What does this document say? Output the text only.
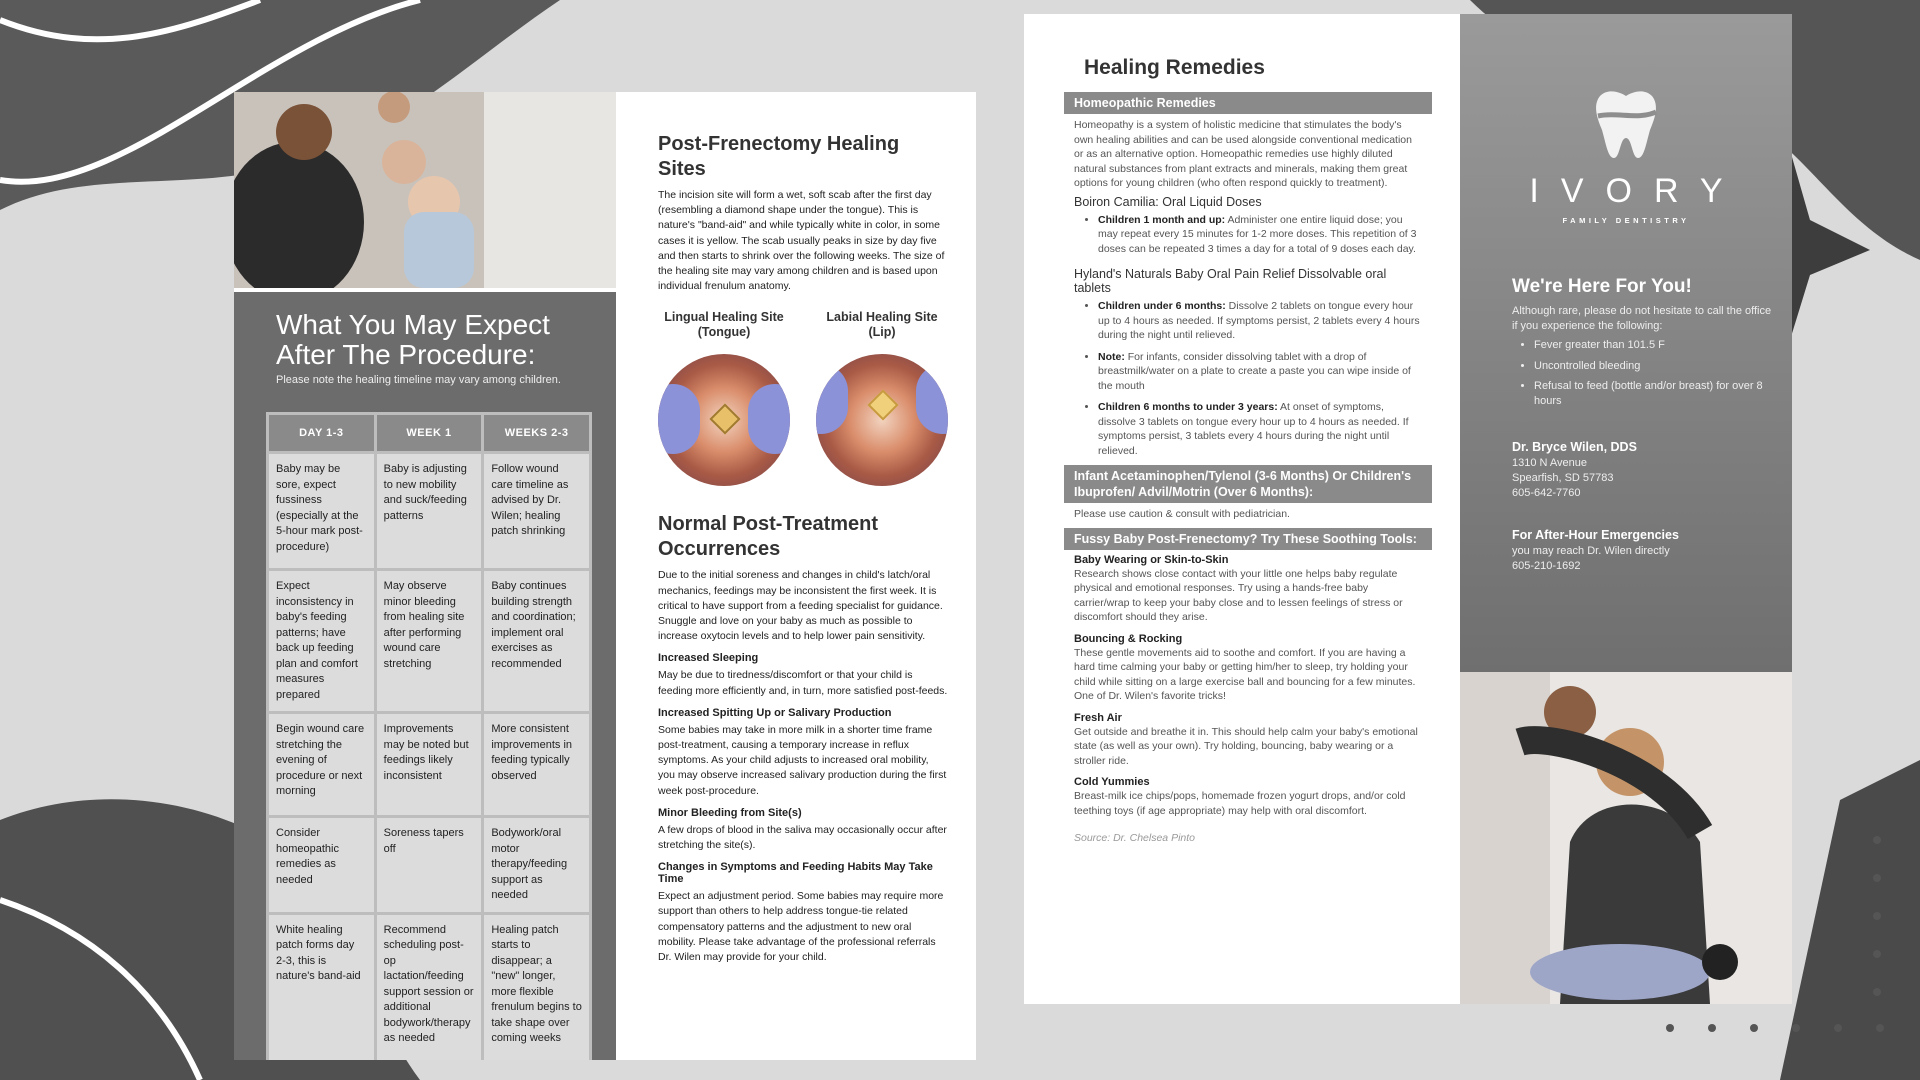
What You May Expect After The Procedure:
Please note the healing timeline may vary among children.
DAY 1-3	WEEK 1	WEEKS 2-3
Baby may be sore, expect fussiness (especially at the 5-hour mark post-procedure)	Baby is adjusting to new mobility and suck/feeding patterns	Follow wound care timeline as advised by Dr. Wilen; healing patch shrinking
Expect inconsistency in baby's feeding patterns; have back up feeding plan and comfort measures prepared	May observe minor bleeding from healing site after performing wound care stretching	Baby continues building strength and coordination; implement oral exercises as recommended
Begin wound care stretching the evening of procedure or next morning	Improvements may be noted but feedings likely inconsistent	More consistent improvements in feeding typically observed
Consider homeopathic remedies as needed	Soreness tapers off	Bodywork/oral motor therapy/feeding support as needed
White healing patch forms day 2-3, this is nature's band-aid	Recommend scheduling post-op lactation/feeding support session or additional bodywork/therapy as needed	Healing patch starts to disappear; a "new" longer, more flexible frenulum begins to take shape over coming weeks
Post-Frenectomy Healing Sites

The incision site will form a wet, soft scab after the first day (resembling a diamond shape under the tongue). This is nature's "band-aid" and while typically white in color, in some cases it is yellow. The scab usually peaks in size by day five and then starts to shrink over the following weeks. The size of the healing site may vary among children and is based upon individual frenulum anatomy.

Lingual Healing Site (Tongue)
Labial Healing Site (Lip)
Normal Post-Treatment Occurrences

Due to the initial soreness and changes in child's latch/oral mechanics, feedings may be inconsistent the first week. It is critical to have support from a feeding specialist for guidance. Snuggle and love on your baby as much as possible to increase oxytocin levels and to help lower pain sensitivity.

Increased Sleeping

May be due to tiredness/discomfort or that your child is feeding more efficiently and, in turn, more satisfied post-feeds.

Increased Spitting Up or Salivary Production

Some babies may take in more milk in a shorter time frame post-treatment, causing a temporary increase in reflux symptoms. As your child adjusts to increased oral mobility, you may observe increased salivary production during the first week post-procedure.

Minor Bleeding from Site(s)

A few drops of blood in the saliva may occasionally occur after stretching the site(s).

Changes in Symptoms and Feeding Habits May Take Time

Expect an adjustment period. Some babies may require more support than others to help address tongue-tie related compensatory patterns and the adjustment to new oral mobility. Please take advantage of the professional referrals Dr. Wilen may provide for your child.

Healing Remedies
Homeopathic Remedies

Homeopathy is a system of holistic medicine that stimulates the body's own healing abilities and can be used alongside conventional medication or as an alternative option. Homeopathic remedies use highly diluted natural substances from plant extracts and minerals, making them great options for young children (who often respond quickly to treatment).

Boiron Camilia: Oral Liquid Doses

• Children 1 month and up: Administer one entire liquid dose; you may repeat every 15 minutes for 1-2 more doses. This repetition of 3 doses can be repeated 3 times a day for a total of 9 doses each day.

Hyland's Naturals Baby Oral Pain Relief Dissolvable oral tablets

• Children under 6 months: Dissolve 2 tablets on tongue every hour up to 4 hours as needed. If symptoms persist, 2 tablets every 4 hours during the night until relieved.
• Note: For infants, consider dissolving tablet with a drop of breastmilk/water on a plate to create a paste you can wipe inside of the mouth
• Children 6 months to under 3 years: At onset of symptoms, dissolve 3 tablets on tongue every hour up to 4 hours as needed. If symptoms persist, 3 tablets every 4 hours during the night until relieved.
Infant Acetaminophen/Tylenol (3-6 Months) Or Children's Ibuprofen/ Advil/Motrin (Over 6 Months):

Please use caution & consult with pediatrician.

Fussy Baby Post-Frenectomy? Try These Soothing Tools:

Baby Wearing or Skin-to-Skin

Research shows close contact with your little one helps baby regulate physical and emotional responses. Try using a hands-free baby carrier/wrap to keep your baby close and to lessen feelings of stress or discomfort should they arise.

Bouncing & Rocking

These gentle movements aid to soothe and comfort. If you are having a hard time calming your baby or getting him/her to sleep, try holding your child while sitting on a large exercise ball and bouncing for a few minutes. One of Dr. Wilen's favorite tricks!

Fresh Air

Get outside and breathe it in. This should help calm your baby's emotional state (as well as your own). Try holding, bouncing, baby wearing or a stroller ride.

Cold Yummies

Breast-milk ice chips/pops, homemade frozen yogurt drops, and/or cold teething toys (if age appropriate) may help with oral discomfort.

Source: Dr. Chelsea Pinto
IVORY
FAMILY DENTISTRY
We're Here For You!
Although rare, please do not hesitate to call the office if you experience the following:
• Fever greater than 101.5 F
• Uncontrolled bleeding
• Refusal to feed (bottle and/or breast) for over 8 hours
Dr. Bryce Wilen, DDS
1310 N Avenue
Spearfish, SD 57783
605-642-7760
For After-Hour Emergencies
you may reach Dr. Wilen directly
605-210-1692
